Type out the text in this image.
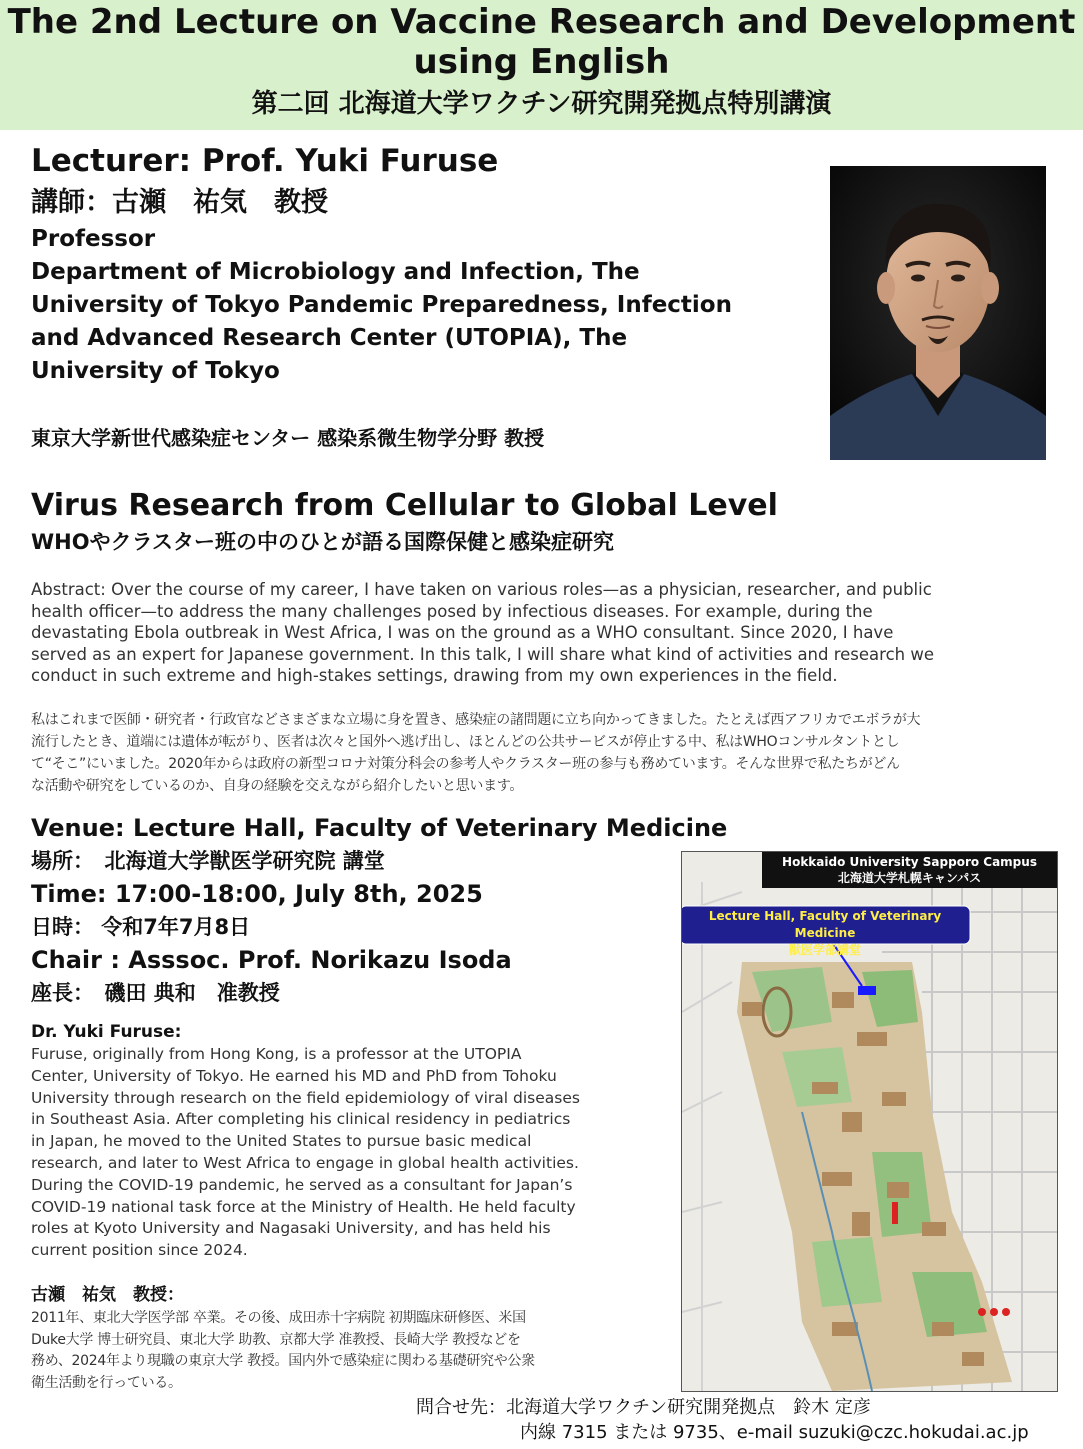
The 2nd Lecture on Vaccine Research and Development
using English
第二回 北海道大学ワクチン研究開発拠点特別講演
Lecturer: Prof. Yuki Furuse
講師：古瀬　祐気　教授
Professor
Department of Microbiology and Infection, The
University of Tokyo Pandemic Preparedness, Infection
and Advanced Research Center (UTOPIA), The
University of Tokyo
東京大学新世代感染症センター 感染系微生物学分野 教授
Virus Research from Cellular to Global Level
WHOやクラスター班の中のひとが語る国際保健と感染症研究
Abstract: Over the course of my career, I have taken on various roles—as a physician, researcher, and public
health officer—to address the many challenges posed by infectious diseases. For example, during the
devastating Ebola outbreak in West Africa, I was on the ground as a WHO consultant. Since 2020, I have
served as an expert for Japanese government. In this talk, I will share what kind of activities and research we
conduct in such extreme and high-stakes settings, drawing from my own experiences in the field.
私はこれまで医師・研究者・行政官などさまざまな立場に身を置き、感染症の諸問題に立ち向かってきました。たとえば西アフリカでエボラが大
流行したとき、道端には遺体が転がり、医者は次々と国外へ逃げ出し、ほとんどの公共サービスが停止する中、私はWHOコンサルタントとし
て“そこ”にいました。2020年からは政府の新型コロナ対策分科会の参考人やクラスター班の参与も務めています。そんな世界で私たちがどん
な活動や研究をしているのか、自身の経験を交えながら紹介したいと思います。
Venue: Lecture Hall, Faculty of Veterinary Medicine
場所：　北海道大学獣医学研究院 講堂
Time: 17:00-18:00, July 8th, 2025
日時： 令和7年7月8日
Chair : Asssoc. Prof. Norikazu Isoda
座長：　磯田 典和　准教授
Dr. Yuki Furuse:
Furuse, originally from Hong Kong, is a professor at the UTOPIA
Center, University of Tokyo. He earned his MD and PhD from Tohoku
University through research on the field epidemiology of viral diseases
in Southeast Asia. After completing his clinical residency in pediatrics
in Japan, he moved to the United States to pursue basic medical
research, and later to West Africa to engage in global health activities.
During the COVID-19 pandemic, he served as a consultant for Japan’s
COVID-19 national task force at the Ministry of Health. He held faculty
roles at Kyoto University and Nagasaki University, and has held his
current position since 2024.
古瀬　祐気　教授：
2011年、東北大学医学部 卒業。その後、成田赤十字病院 初期臨床研修医、米国
Duke大学 博士研究員、東北大学 助教、京都大学 准教授、長崎大学 教授などを
務め、2024年より現職の東京大学 教授。国内外で感染症に関わる基礎研究や公衆
衛生活動を行っている。
Hokkaido University Sapporo Campus
北海道大学札幌キャンパス
Lecture Hall, Faculty of Veterinary Medicine
獣医学部講堂
問合せ先：北海道大学ワクチン研究開発拠点　鈴木 定彦
内線 7315 または 9735、e-mail suzuki@czc.hokudai.ac.jp
